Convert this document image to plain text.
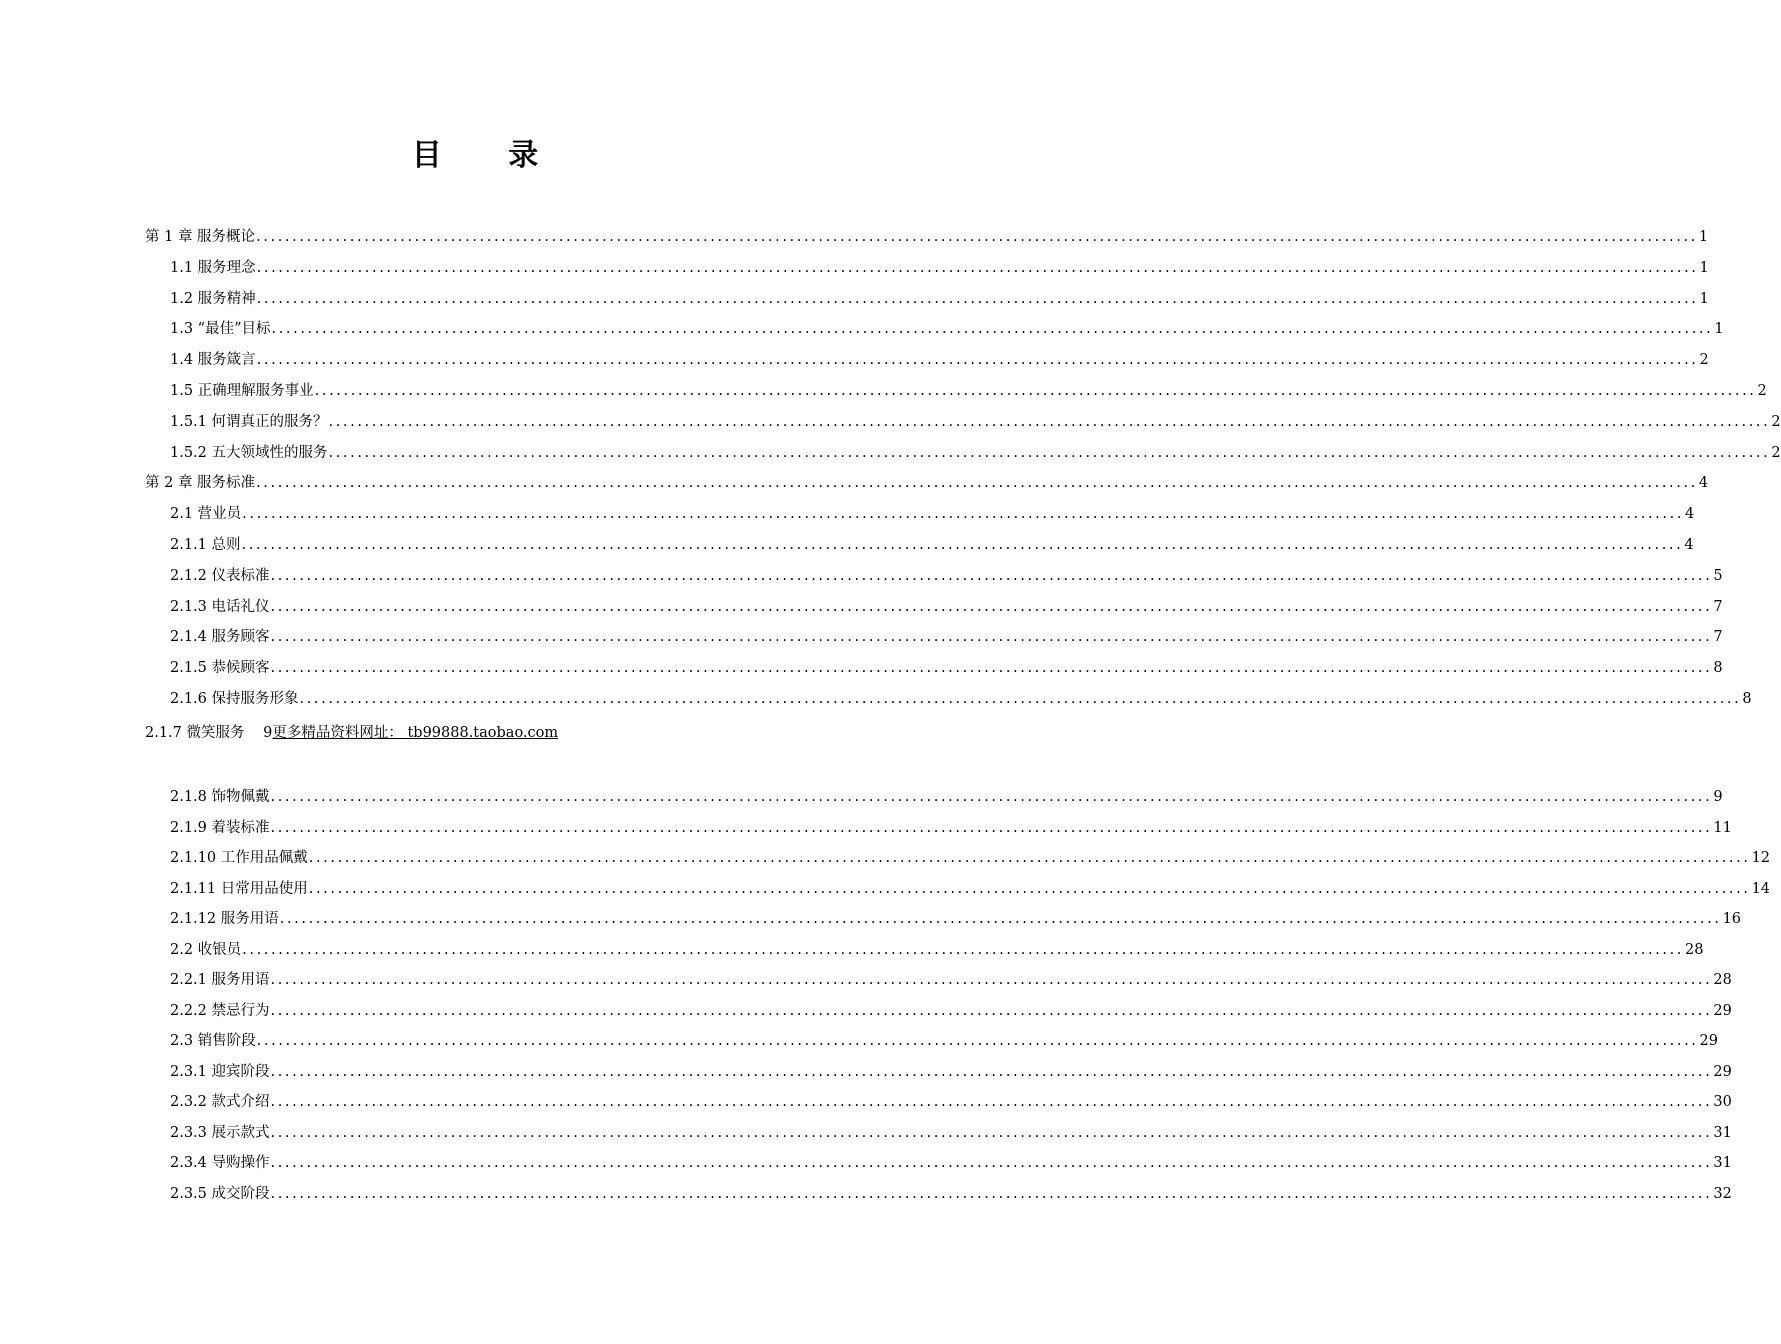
目 录
第 1 章 服务概论 ........................................................................................................................................................................................................ 1
1.1 服务理念 ........................................................................................................................................................................................................ 1
1.2 服务精神 ........................................................................................................................................................................................................ 1
1.3 “最佳”目标 ........................................................................................................................................................................................................ 1
1.4 服务箴言 ........................................................................................................................................................................................................ 2
1.5 正确理解服务事业 ........................................................................................................................................................................................................ 2
1.5.1 何谓真正的服务？ ........................................................................................................................................................................................................ 2
1.5.2 五大领域性的服务 ........................................................................................................................................................................................................ 2
第 2 章 服务标准 ........................................................................................................................................................................................................ 4
2.1 营业员 ........................................................................................................................................................................................................ 4
2.1.1 总则 ........................................................................................................................................................................................................ 4
2.1.2 仪表标准 ........................................................................................................................................................................................................ 5
2.1.3 电话礼仪 ........................................................................................................................................................................................................ 7
2.1.4 服务顾客 ........................................................................................................................................................................................................ 7
2.1.5 恭候顾客 ........................................................................................................................................................................................................ 8
2.1.6 保持服务形象 ........................................................................................................................................................................................................ 8
2.1.8 饰物佩戴 ........................................................................................................................................................................................................ 9
2.1.9 着装标准 ........................................................................................................................................................................................................ 11
2.1.10 工作用品佩戴 ........................................................................................................................................................................................................ 12
2.1.11 日常用品使用 ........................................................................................................................................................................................................ 14
2.1.12 服务用语 ........................................................................................................................................................................................................ 16
2.2 收银员 ........................................................................................................................................................................................................ 28
2.2.1 服务用语 ........................................................................................................................................................................................................ 28
2.2.2 禁忌行为 ........................................................................................................................................................................................................ 29
2.3 销售阶段 ........................................................................................................................................................................................................ 29
2.3.1 迎宾阶段 ........................................................................................................................................................................................................ 29
2.3.2 款式介绍 ........................................................................................................................................................................................................ 30
2.3.3 展示款式 ........................................................................................................................................................................................................ 31
2.3.4 导购操作 ........................................................................................................................................................................................................ 31
2.3.5 成交阶段 ........................................................................................................................................................................................................ 32
2.1.7 微笑服务 9更多精品资料网址： tb99888.taobao.com
